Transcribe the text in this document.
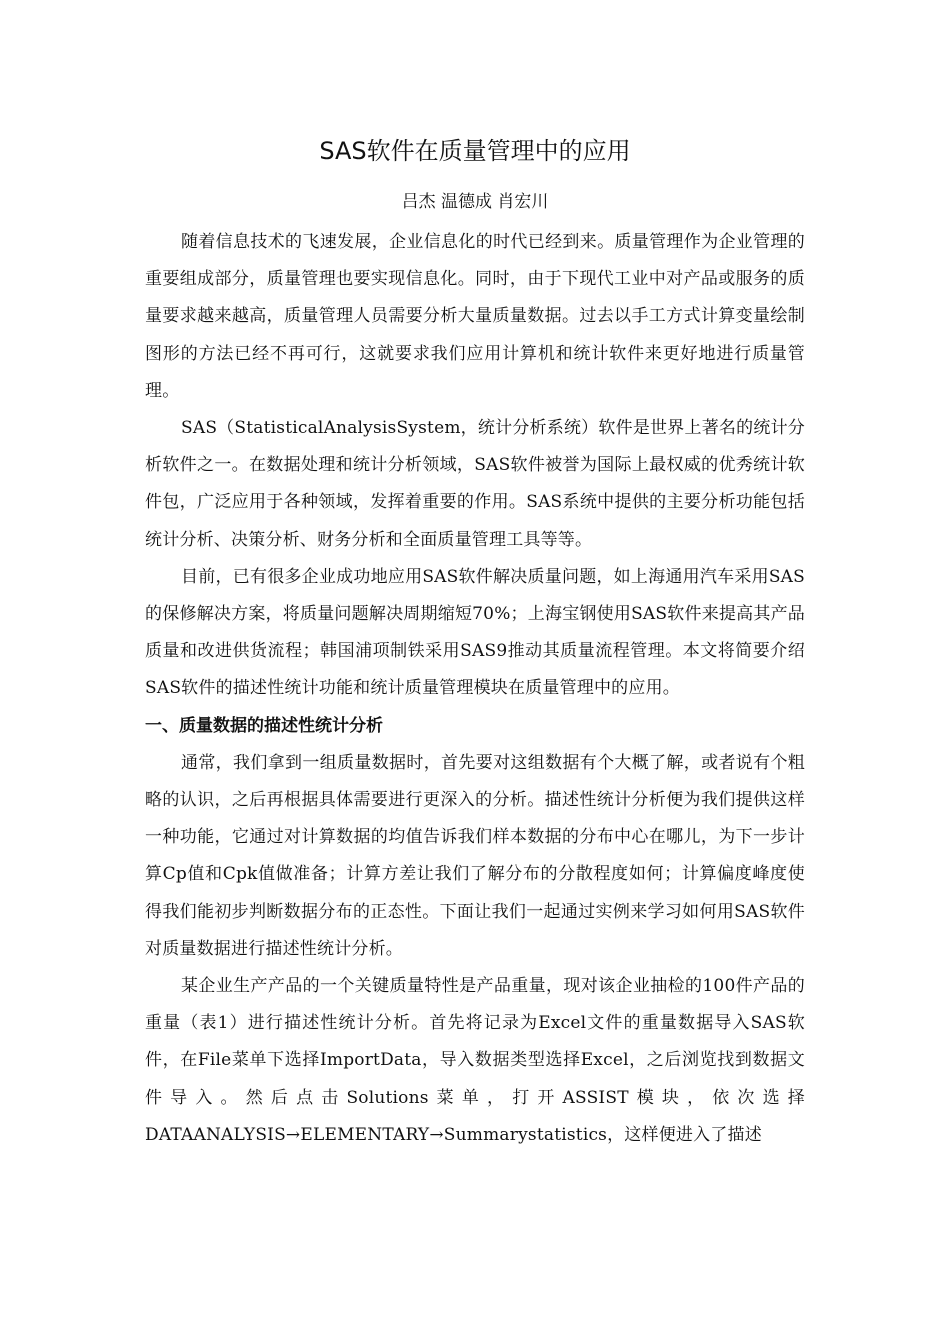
SAS软件在质量管理中的应用

吕杰 温德成 肖宏川

随着信息技术的飞速发展，企业信息化的时代已经到来。质量管理作为企业管理的重要组成部分，质量管理也要实现信息化。同时，由于下现代工业中对产品或服务的质量要求越来越高，质量管理人员需要分析大量质量数据。过去以手工方式计算变量绘制图形的方法已经不再可行，这就要求我们应用计算机和统计软件来更好地进行质量管理。

SAS（StatisticalAnalysisSystem，统计分析系统）软件是世界上著名的统计分析软件之一。在数据处理和统计分析领域，SAS软件被誉为国际上最权威的优秀统计软件包，广泛应用于各种领域，发挥着重要的作用。SAS系统中提供的主要分析功能包括统计分析、决策分析、财务分析和全面质量管理工具等等。

目前，已有很多企业成功地应用SAS软件解决质量问题，如上海通用汽车采用SAS的保修解决方案，将质量问题解决周期缩短70%；上海宝钢使用SAS软件来提高其产品质量和改进供货流程；韩国浦项制铁采用SAS9推动其质量流程管理。本文将简要介绍SAS软件的描述性统计功能和统计质量管理模块在质量管理中的应用。

一、质量数据的描述性统计分析

通常，我们拿到一组质量数据时，首先要对这组数据有个大概了解，或者说有个粗略的认识，之后再根据具体需要进行更深入的分析。描述性统计分析便为我们提供这样一种功能，它通过对计算数据的均值告诉我们样本数据的分布中心在哪儿，为下一步计算Cp值和Cpk值做准备；计算方差让我们了解分布的分散程度如何；计算偏度峰度使得我们能初步判断数据分布的正态性。下面让我们一起通过实例来学习如何用SAS软件对质量数据进行描述性统计分析。

某企业生产产品的一个关键质量特性是产品重量，现对该企业抽检的100件产品的重量（表1）进行描述性统计分析。首先将记录为Excel文件的重量数据导入SAS软件，在File菜单下选择ImportData，导入数据类型选择Excel，之后浏览找到数据文件导入。然后点击Solutions菜单，打开ASSIST模块，依次选择DATAANALYSIS→ELEMENTARY→Summarystatistics，这样便进入了描述
